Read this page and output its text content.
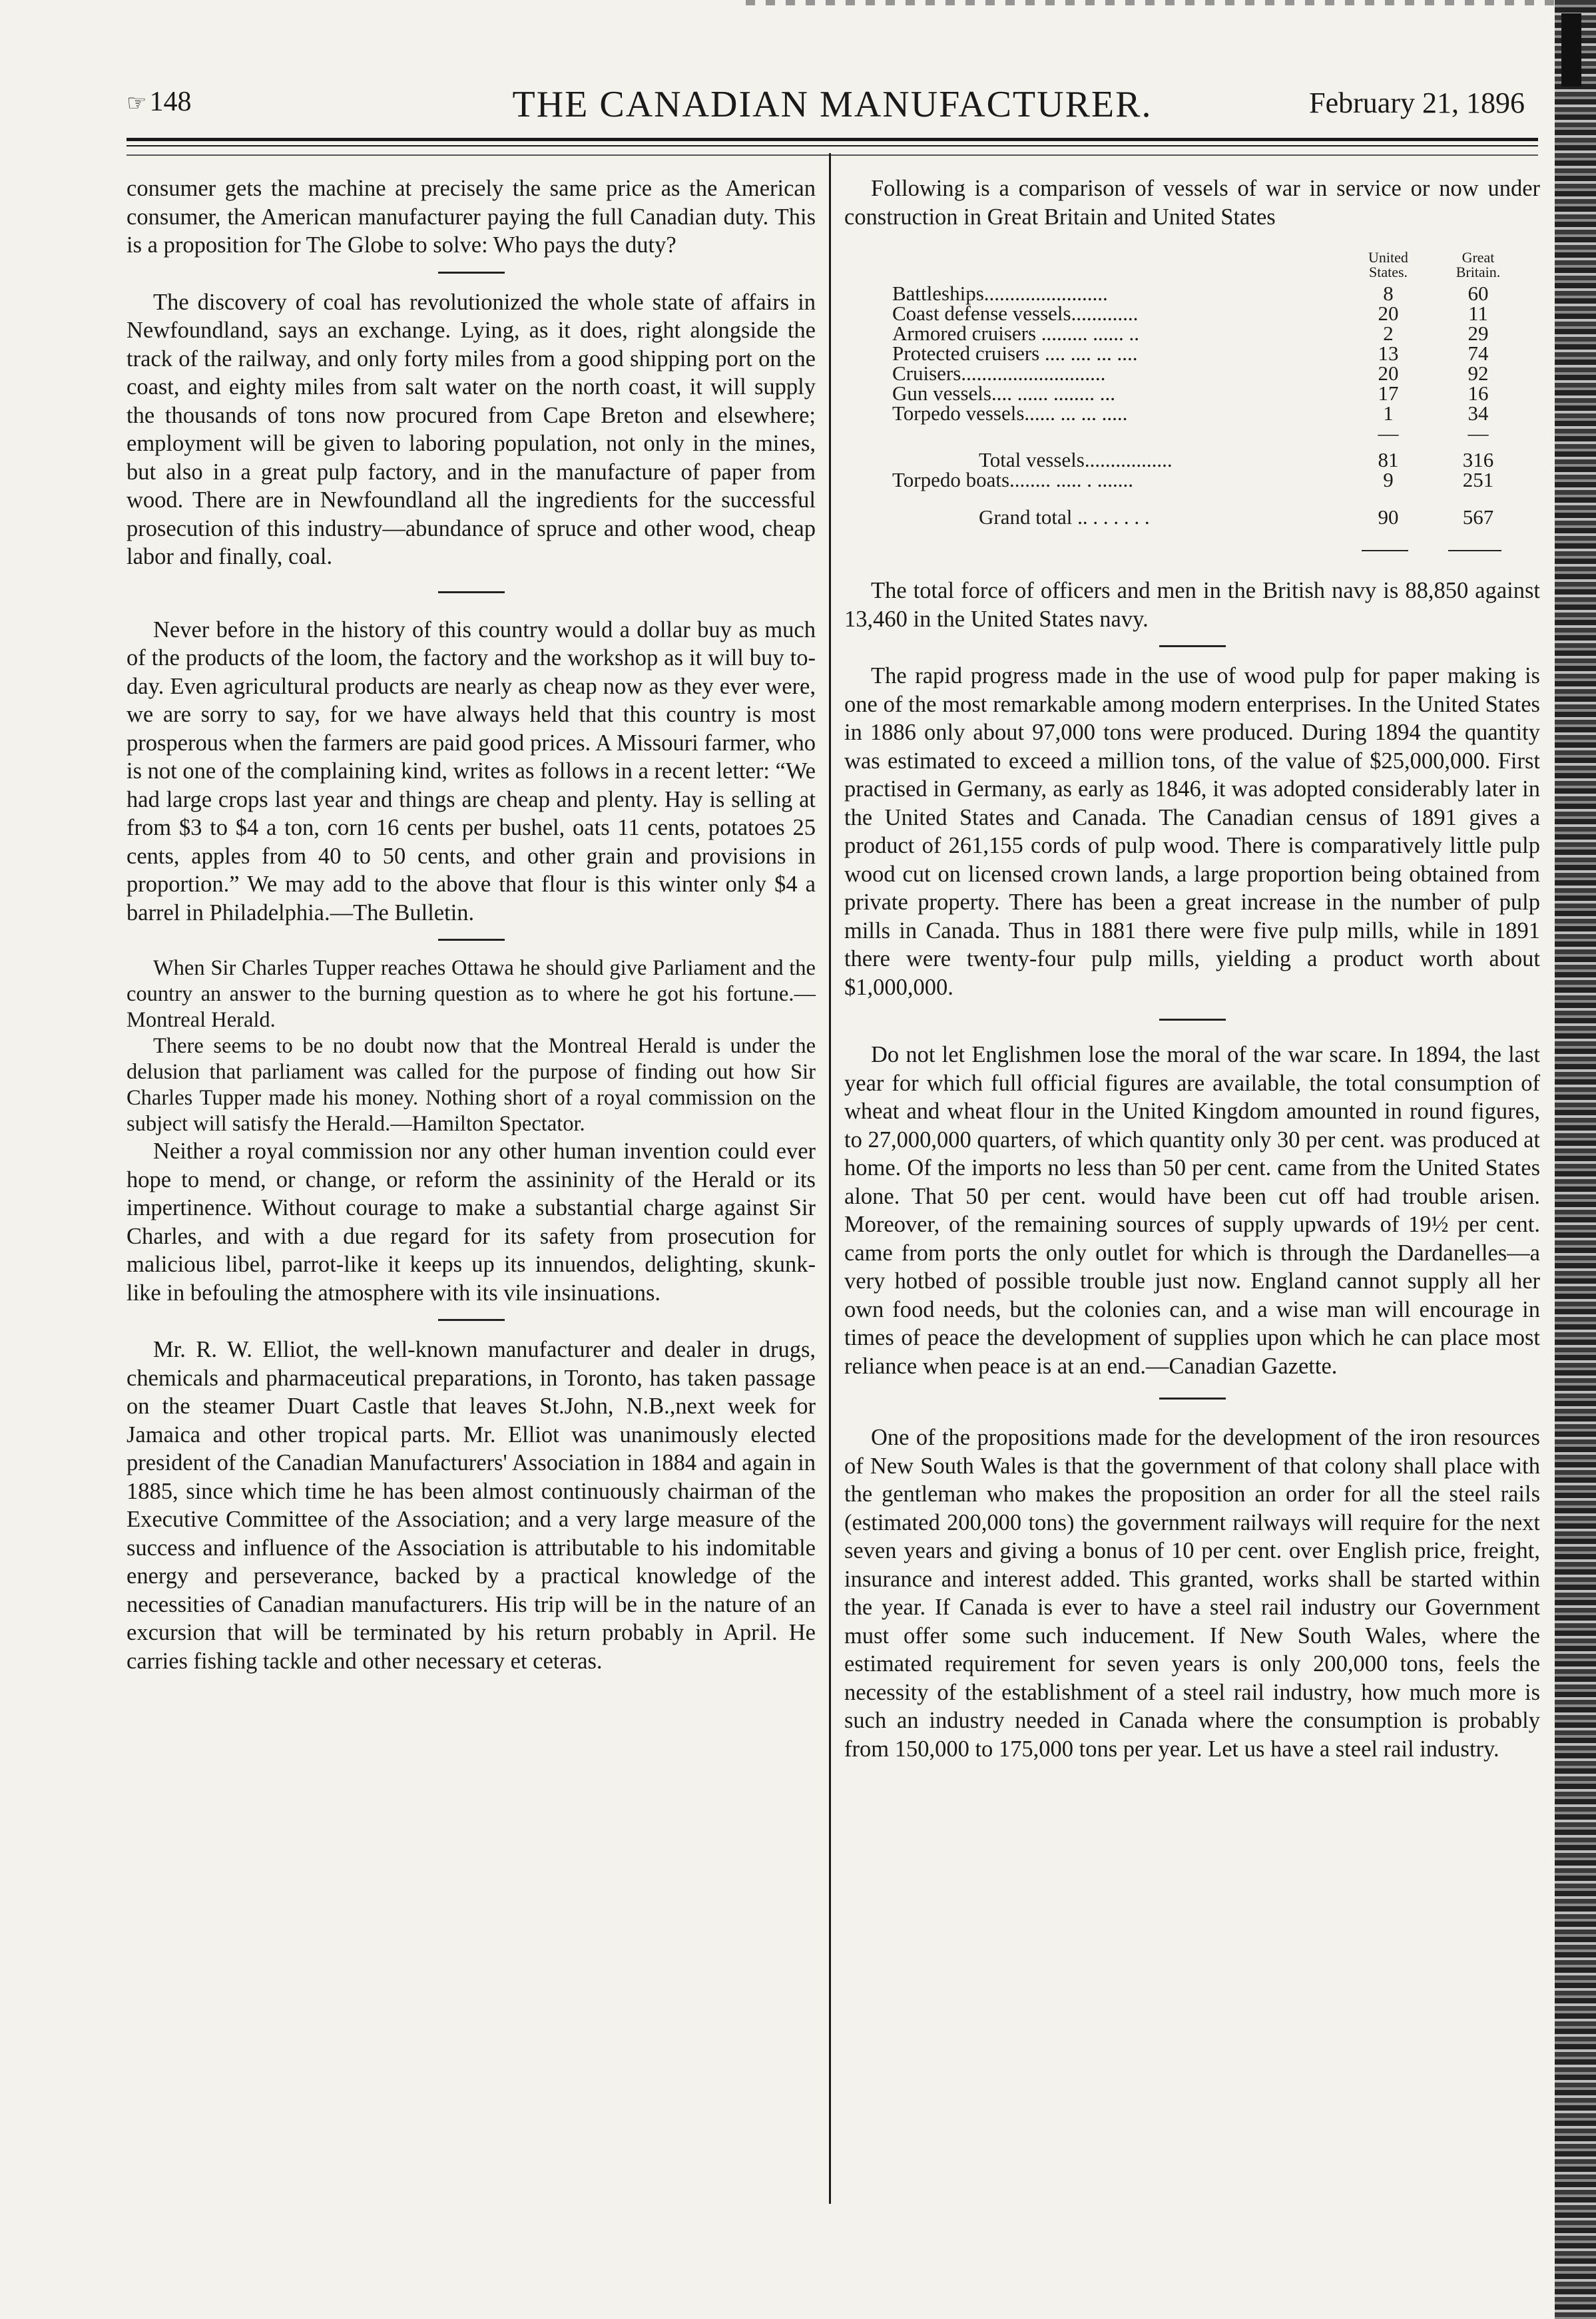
☞148	THE CANADIAN MANUFACTURER.	February 21, 1896

consumer gets the machine at precisely the same price as the American consumer, the American manufacturer paying the full Canadian duty. This is a proposition for The Globe to solve: Who pays the duty?

The discovery of coal has revolutionized the whole state of affairs in Newfoundland, says an exchange. Lying, as it does, right alongside the track of the railway, and only forty miles from a good shipping port on the coast, and eighty miles from salt water on the north coast, it will supply the thousands of tons now procured from Cape Breton and elsewhere; employment will be given to laboring population, not only in the mines, but also in a great pulp factory, and in the manufacture of paper from wood. There are in Newfoundland all the ingredients for the successful prosecution of this industry—abundance of spruce and other wood, cheap labor and finally, coal.

Never before in the history of this country would a dollar buy as much of the products of the loom, the factory and the workshop as it will buy to-day. Even agricultural products are nearly as cheap now as they ever were, we are sorry to say, for we have always held that this country is most prosperous when the farmers are paid good prices. A Missouri farmer, who is not one of the complaining kind, writes as follows in a recent letter: “We had large crops last year and things are cheap and plenty. Hay is selling at from $3 to $4 a ton, corn 16 cents per bushel, oats 11 cents, potatoes 25 cents, apples from 40 to 50 cents, and other grain and provisions in proportion.” We may add to the above that flour is this winter only $4 a barrel in Philadelphia.—The Bulletin.

When Sir Charles Tupper reaches Ottawa he should give Parliament and the country an answer to the burning question as to where he got his fortune.—Montreal Herald.

There seems to be no doubt now that the Montreal Herald is under the delusion that parliament was called for the purpose of finding out how Sir Charles Tupper made his money. Nothing short of a royal commission on the subject will satisfy the Herald.—Hamilton Spectator.

Neither a royal commission nor any other human invention could ever hope to mend, or change, or reform the assininity of the Herald or its impertinence. Without courage to make a substantial charge against Sir Charles, and with a due regard for its safety from prosecution for malicious libel, parrot-like it keeps up its innuendos, delighting, skunk-like in befouling the atmosphere with its vile insinuations.

Mr. R. W. Elliot, the well-known manufacturer and dealer in drugs, chemicals and pharmaceutical preparations, in Toronto, has taken passage on the steamer Duart Castle that leaves St.John, N.B.,next week for Jamaica and other tropical parts. Mr. Elliot was unanimously elected president of the Canadian Manufacturers' Association in 1884 and again in 1885, since which time he has been almost continuously chairman of the Executive Committee of the Association; and a very large measure of the success and influence of the Association is attributable to his indomitable energy and perseverance, backed by a practical knowledge of the necessities of Canadian manufacturers. His trip will be in the nature of an excursion that will be terminated by his return probably in April. He carries fishing tackle and other necessary et ceteras.

Following is a comparison of vessels of war in service or now under construction in Great Britain and United States

United States.
Great Britain.
Battleships........................	8	60
Coast defense vessels.............	20	11
Armored cruisers ......... ...... ..	2	29
Protected cruisers .... .... ... ....	13	74
Cruisers............................	20	92
Gun vessels.... ...... ........ ...	17	16
Torpedo vessels...... ... ... .....	1	34
—	—
Total vessels.................	81	316
Torpedo boats........ ..... . .......	9	251
Grand total .. . . . . . .	90	567

The total force of officers and men in the British navy is 88,850 against 13,460 in the United States navy.

The rapid progress made in the use of wood pulp for paper making is one of the most remarkable among modern enterprises. In the United States in 1886 only about 97,000 tons were produced. During 1894 the quantity was estimated to exceed a million tons, of the value of $25,000,000. First practised in Germany, as early as 1846, it was adopted considerably later in the United States and Canada. The Canadian census of 1891 gives a product of 261,155 cords of pulp wood. There is comparatively little pulp wood cut on licensed crown lands, a large proportion being obtained from private property. There has been a great increase in the number of pulp mills in Canada. Thus in 1881 there were five pulp mills, while in 1891 there were twenty-four pulp mills, yielding a product worth about $1,000,000.

Do not let Englishmen lose the moral of the war scare. In 1894, the last year for which full official figures are available, the total consumption of wheat and wheat flour in the United Kingdom amounted in round figures, to 27,000,000 quarters, of which quantity only 30 per cent. was produced at home. Of the imports no less than 50 per cent. came from the United States alone. That 50 per cent. would have been cut off had trouble arisen. Moreover, of the remaining sources of supply upwards of 19½ per cent. came from ports the only outlet for which is through the Dardanelles—a very hotbed of possible trouble just now. England cannot supply all her own food needs, but the colonies can, and a wise man will encourage in times of peace the development of supplies upon which he can place most reliance when peace is at an end.—Canadian Gazette.

One of the propositions made for the development of the iron resources of New South Wales is that the government of that colony shall place with the gentleman who makes the proposition an order for all the steel rails (estimated 200,000 tons) the government railways will require for the next seven years and giving a bonus of 10 per cent. over English price, freight, insurance and interest added. This granted, works shall be started within the year. If Canada is ever to have a steel rail industry our Government must offer some such inducement. If New South Wales, where the estimated requirement for seven years is only 200,000 tons, feels the necessity of the establishment of a steel rail industry, how much more is such an industry needed in Canada where the consumption is probably from 150,000 to 175,000 tons per year. Let us have a steel rail industry.
